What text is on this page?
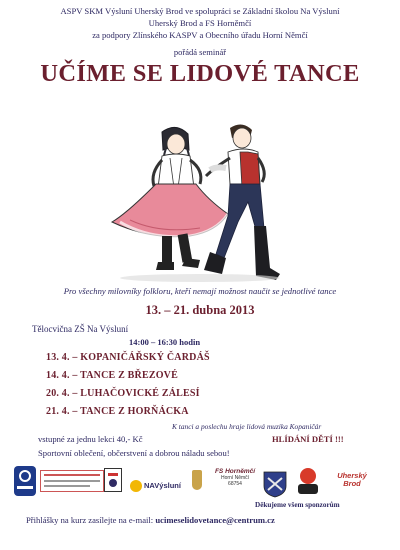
ASPV SKM Výsluní Uherský Brod ve spolupráci se Základní školou Na Výsluní
Uherský Brod a FS Horněmčí
za podpory Zlínského KASPV a Obecního úřadu Horní Němčí
pořádá seminář
UČÍME SE LIDOVÉ TANCE
Pro všechny milovníky folkloru, kteří nemají možnost naučit se jednotlivé tance
13. – 21. dubna 2013
Tělocvična ZŠ Na Výsluní
14:00 – 16:30 hodin
13. 4. – KOPANIČÁŘSKÝ ČARDÁŠ
14. 4. – TANCE Z BŘEZOVÉ
20. 4. – LUHAČOVICKÉ ZÁLESÍ
21. 4. – TANCE Z HORŇÁCKA
K tanci a poslechu hraje lidová muzika Kopaničár
vstupné za jednu lekci 40,- Kč	HLÍDÁNÍ DĚTÍ !!!
Sportovní oblečení, občerstvení a dobrou náladu sebou!
NAVýsluní
FS Horněmčí
Horní Němčí
68754
Uherský
Brod
Děkujeme všem sponzorům
Přihlášky na kurz zasílejte na e-mail: ucimeselidovetance@centrum.cz
